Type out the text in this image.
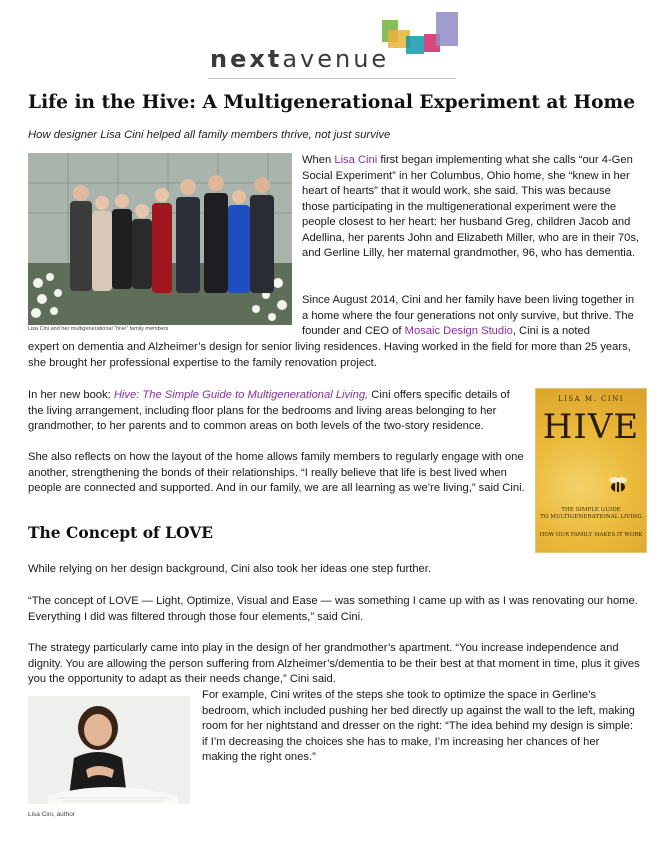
nextavenue
Life in the Hive: A Multigenerational Experiment at Home
How designer Lisa Cini helped all family members thrive, not just survive
Lisa Cini and her multigenerational “hive” family members

When Lisa Cini first began implementing what she calls “our 4-Gen Social Experiment” in her Columbus, Ohio home, she “knew in her heart of hearts” that it would work, she said. This was because those participating in the multigenerational experiment were the people closest to her heart: her husband Greg, children Jacob and Adellina, her parents John and Elizabeth Miller, who are in their 70s, and Gerline Lilly, her maternal grandmother, 96, who has dementia.

Since August 2014, Cini and her family have been living together in a home where the four generations not only survive, but thrive. The founder and CEO of Mosaic Design Studio, Cini is a noted

expert on dementia and Alzheimer’s design for senior living residences. Having worked in the field for more than 25 years, she brought her professional expertise to the family renovation project.

LISA M. CINI
HIVE
THE SIMPLE GUIDE
TO MULTIGENERATIONAL LIVING
HOW OUR FAMILY MAKES IT WORK

In her new book: Hive: The Simple Guide to Multigenerational Living, Cini offers specific details of the living arrangement, including floor plans for the bedrooms and living areas belonging to her grandmother, to her parents and to common areas on both levels of the two-story residence.

She also reflects on how the layout of the home allows family members to regularly engage with one another, strengthening the bonds of their relationships. “I really believe that life is best lived when people are connected and supported. And in our family, we are all learning as we’re living,” said Cini.

The Concept of LOVE

While relying on her design background, Cini also took her ideas one step further.

“The concept of LOVE — Light, Optimize, Visual and Ease — was something I came up with as I was renovating our home. Everything I did was filtered through those four elements,” said Cini.

The strategy particularly came into play in the design of her grandmother’s apartment. “You increase independence and dignity. You are allowing the person suffering from Alzheimer’s/dementia to be their best at that moment in time, plus it gives you the opportunity to adapt as their needs change,” Cini said.

Lisa Cini, author

For example, Cini writes of the steps she took to optimize the space in Gerline’s bedroom, which included pushing her bed directly up against the wall to the left, making room for her nightstand and dresser on the right: “The idea behind my design is simple: if I’m decreasing the choices she has to make, I’m increasing her chances of her making the right ones.”
